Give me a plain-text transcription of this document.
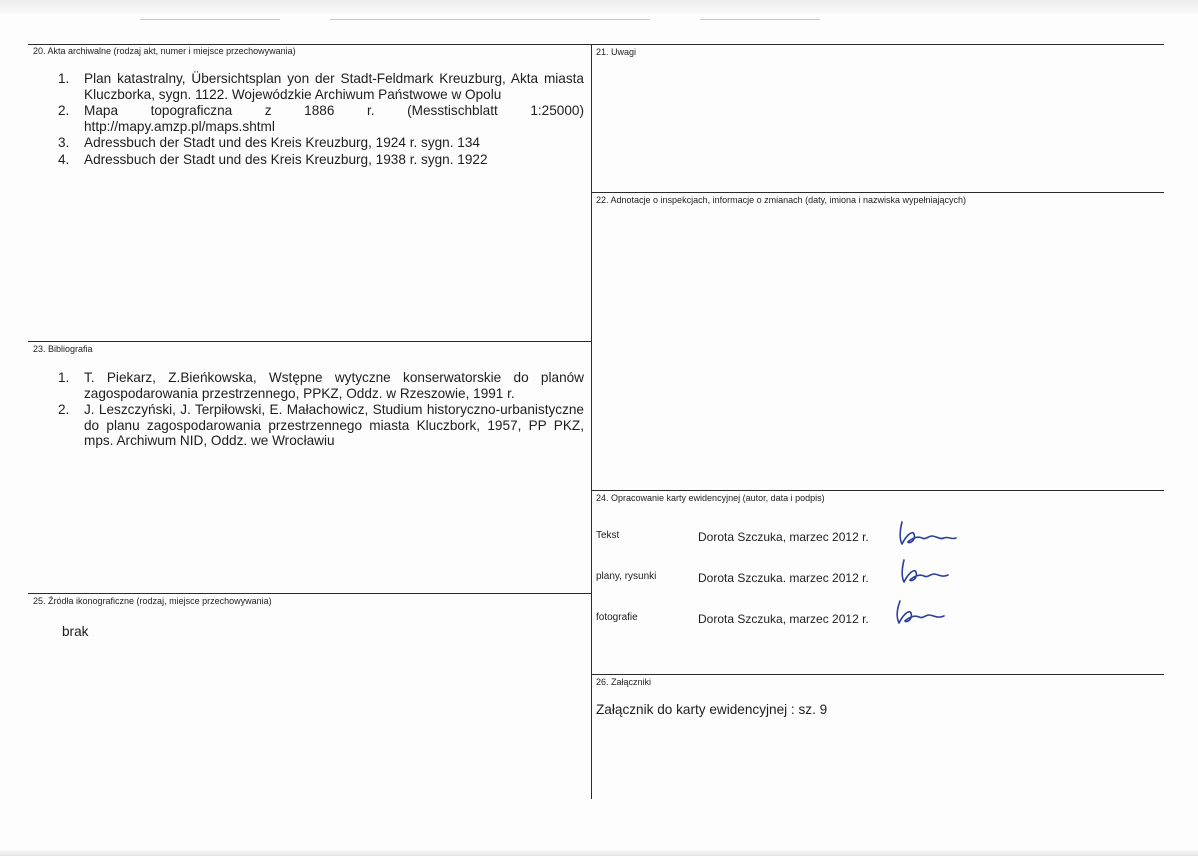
20. Akta archiwalne (rodzaj akt, numer i miejsce przechowywania)
1.	Plan katastralny, Übersichtsplan yon der Stadt-Feldmark Kreuzburg, Akta miasta Kluczborka, sygn. 1122. Wojewódzkie Archiwum Państwowe w Opolu
2.	Mapa topograficzna z 1886 r. (Messtischblatt 1:25000) http://mapy.amzp.pl/maps.shtml
3.	Adressbuch der Stadt und des Kreis Kreuzburg, 1924 r. sygn. 134
4.	Adressbuch der Stadt und des Kreis Kreuzburg, 1938 r. sygn. 1922
21. Uwagi
22. Adnotacje o inspekcjach, informacje o zmianach (daty, imiona i nazwiska wypełniających)
23. Bibliografia
1.	T. Piekarz, Z.Bieńkowska, Wstępne wytyczne konserwatorskie do planów zagospodarowania przestrzennego, PPKZ, Oddz. w Rzeszowie, 1991 r.
2.	J. Leszczyński, J. Terpiłowski, E. Małachowicz, Studium historyczno-urbanistyczne do planu zagospodarowania przestrzennego miasta Kluczbork, 1957, PP PKZ, mps. Archiwum NID, Oddz. we Wrocławiu
24. Opracowanie karty ewidencyjnej (autor, data i podpis)
Tekst	Dorota Szczuka, marzec 2012 r.
plany, rysunki	Dorota Szczuka. marzec 2012 r.
fotografie	Dorota Szczuka, marzec 2012 r.
25. Źródła ikonograficzne (rodzaj, miejsce przechowywania)
brak
26. Załączniki
Załącznik do karty ewidencyjnej : sz. 9
